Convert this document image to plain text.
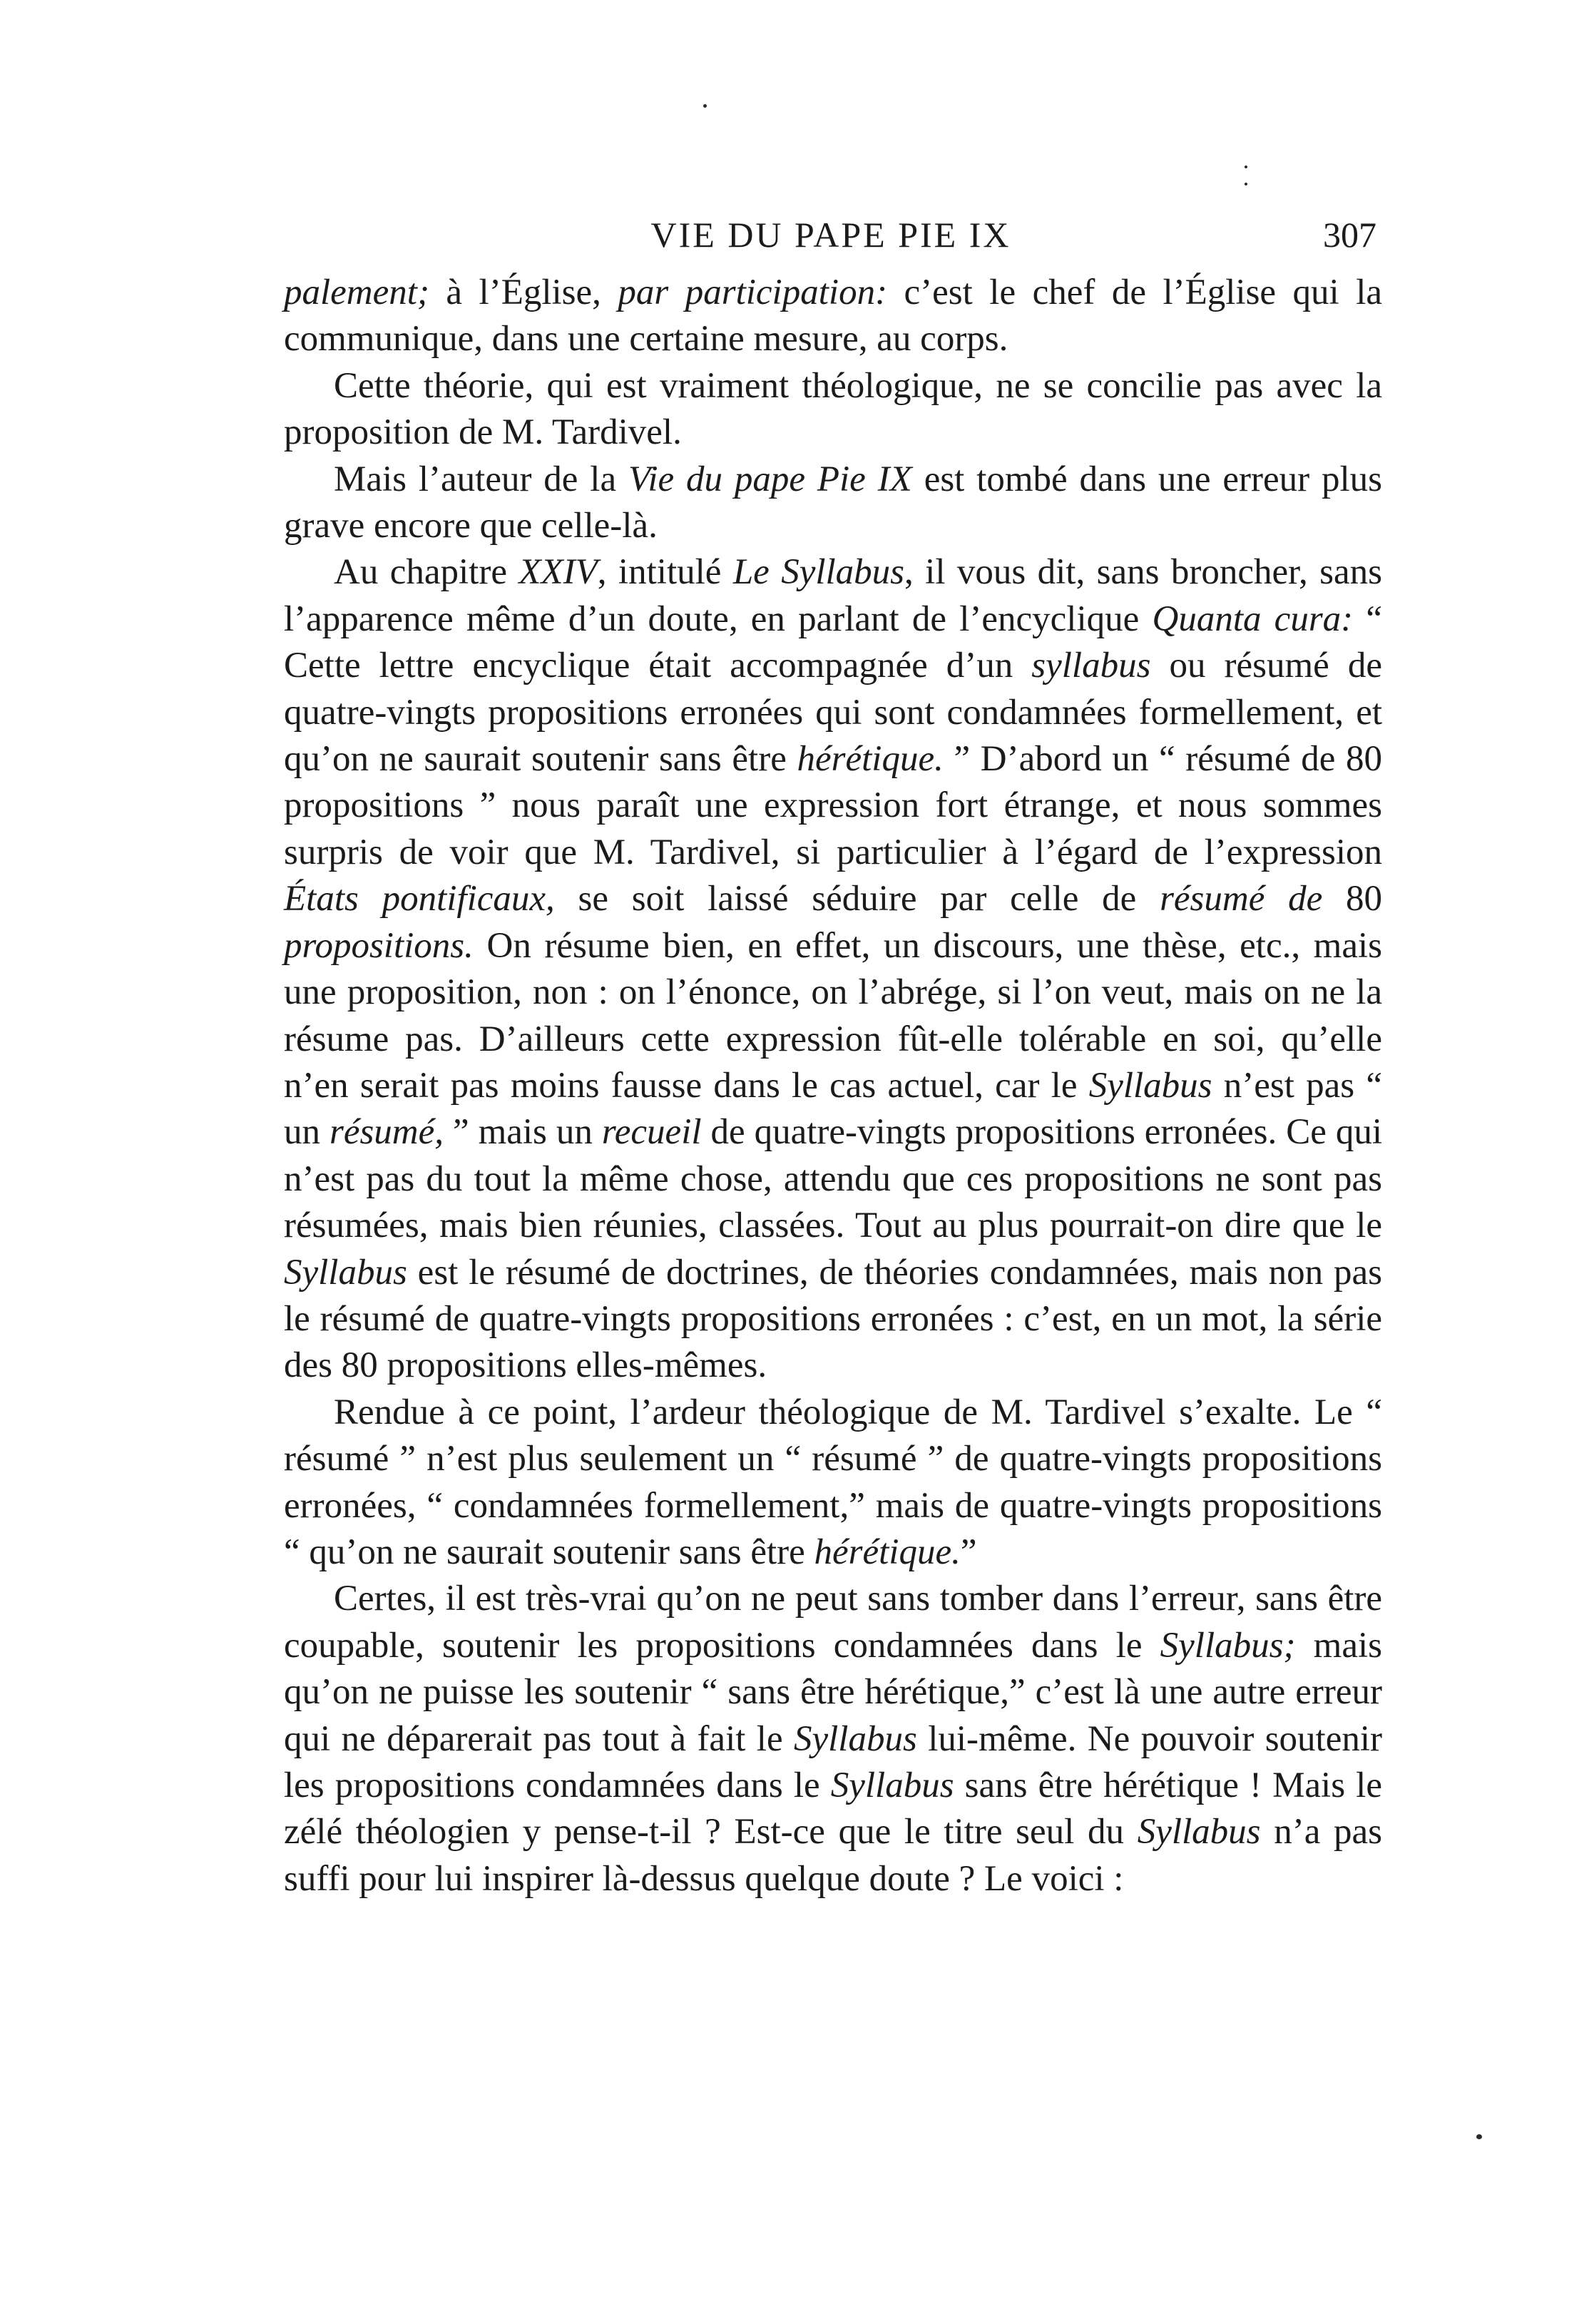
VIE DU PAPE PIE IX	307

palement; à l’Église, par participation: c’est le chef de l’Église qui la communique, dans une certaine mesure, au corps.

Cette théorie, qui est vraiment théologique, ne se concilie pas avec la proposition de M. Tardivel.

Mais l’auteur de la Vie du pape Pie IX est tombé dans une erreur plus grave encore que celle-là.

Au chapitre XXIV, intitulé Le Syllabus, il vous dit, sans broncher, sans l’apparence même d’un doute, en parlant de l’encyclique Quanta cura: “ Cette lettre encyclique était accompagnée d’un syllabus ou résumé de quatre-vingts propositions erronées qui sont condamnées formellement, et qu’on ne saurait soutenir sans être hérétique. ” D’abord un “ résumé de 80 propositions ” nous paraît une expression fort étrange, et nous sommes surpris de voir que M. Tardivel, si particulier à l’égard de l’expression États pontificaux, se soit laissé séduire par celle de résumé de 80 propositions. On résume bien, en effet, un discours, une thèse, etc., mais une proposition, non : on l’énonce, on l’abrége, si l’on veut, mais on ne la résume pas. D’ailleurs cette expression fût-elle tolérable en soi, qu’elle n’en serait pas moins fausse dans le cas actuel, car le Syllabus n’est pas “ un résumé, ” mais un recueil de quatre-vingts propositions erronées. Ce qui n’est pas du tout la même chose, attendu que ces propositions ne sont pas résumées, mais bien réunies, classées. Tout au plus pourrait-on dire que le Syllabus est le résumé de doctrines, de théories condamnées, mais non pas le résumé de quatre-vingts propositions erronées : c’est, en un mot, la série des 80 propositions elles-mêmes.

Rendue à ce point, l’ardeur théologique de M. Tardivel s’exalte. Le “ résumé ” n’est plus seulement un “ résumé ” de quatre-vingts propositions erronées, “ condamnées formellement,” mais de quatre-vingts propositions “ qu’on ne saurait soutenir sans être hérétique.”

Certes, il est très-vrai qu’on ne peut sans tomber dans l’erreur, sans être coupable, soutenir les propositions condamnées dans le Syllabus; mais qu’on ne puisse les soutenir “ sans être hérétique,” c’est là une autre erreur qui ne déparerait pas tout à fait le Syllabus lui-même. Ne pouvoir soutenir les propositions condamnées dans le Syllabus sans être hérétique ! Mais le zélé théologien y pense-t-il ? Est-ce que le titre seul du Syllabus n’a pas suffi pour lui inspirer là-dessus quelque doute ? Le voici :
